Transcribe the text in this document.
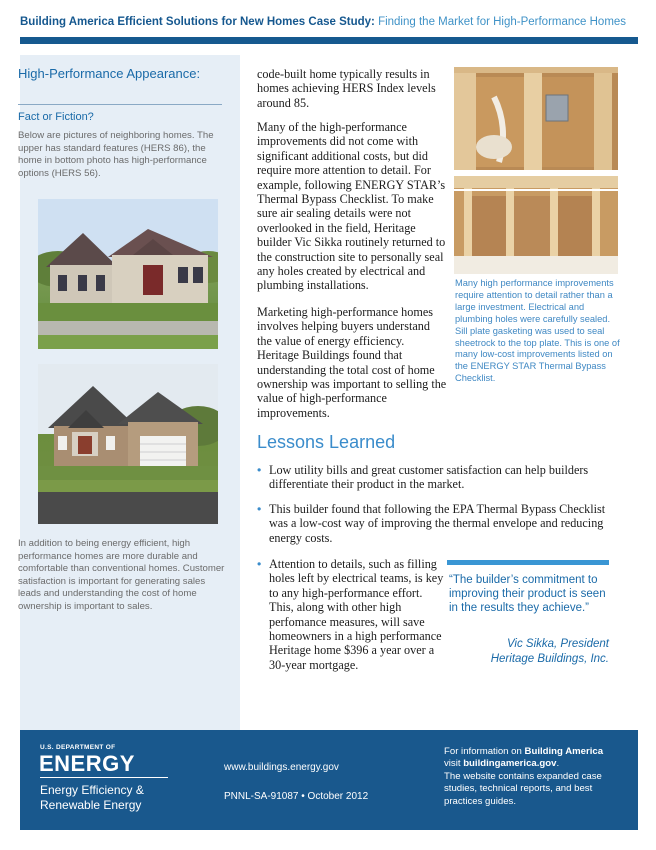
Building America Efficient Solutions for New Homes Case Study: Finding the Market for High-Performance Homes
High-Performance Appearance:
Fact or Fiction?
Below are pictures of neighboring homes. The upper has standard features (HERS 86), the home in bottom photo has high-performance options (HERS 56).
In addition to being energy efficient, high performance homes are more durable and comfortable than conventional homes. Customer satisfaction is important for generating sales leads and understanding the cost of home ownership is important to sales.
code-built home typically results in homes achieving HERS Index levels around 85.
Many of the high-performance improvements did not come with significant additional costs, but did require more attention to detail. For example, following ENERGY STAR’s Thermal Bypass Checklist. To make sure air sealing details were not overlooked in the field, Heritage builder Vic Sikka routinely returned to the construction site to personally seal any holes created by electrical and plumbing installations.
Marketing high-performance homes involves helping buyers understand the value of energy efficiency. Heritage Buildings found that understanding the total cost of home ownership was important to selling the value of high-performance improvements.
Many high performance improvements require attention to detail rather than a large investment. Electrical and plumbing holes were carefully sealed. Sill plate gasketing was used to seal sheetrock to the top plate. This is one of many low-cost improvements listed on the ENERGY STAR Thermal Bypass Checklist.
Lessons Learned
• Low utility bills and great customer satisfaction can help builders differentiate their product in the market.
• This builder found that following the EPA Thermal Bypass Checklist was a low-cost way of improving the thermal envelope and reducing energy costs.
• Attention to details, such as filling holes left by electrical teams, is key to any high-performance effort. This, along with other high perfomance measures, will save homeowners in a high performance Heritage home $396 a year over a 30-year mortgage.
“The builder’s commitment to improving their product is seen in the results they achieve.”
Vic Sikka, President
Heritage Buildings, Inc.
U.S. DEPARTMENT OF
ENERGY
Energy Efficiency & Renewable Energy
www.buildings.energy.gov
PNNL-SA-91087 • October 2012
For information on Building America
visit buildingamerica.gov.
The website contains expanded case studies, technical reports, and best practices guides.
